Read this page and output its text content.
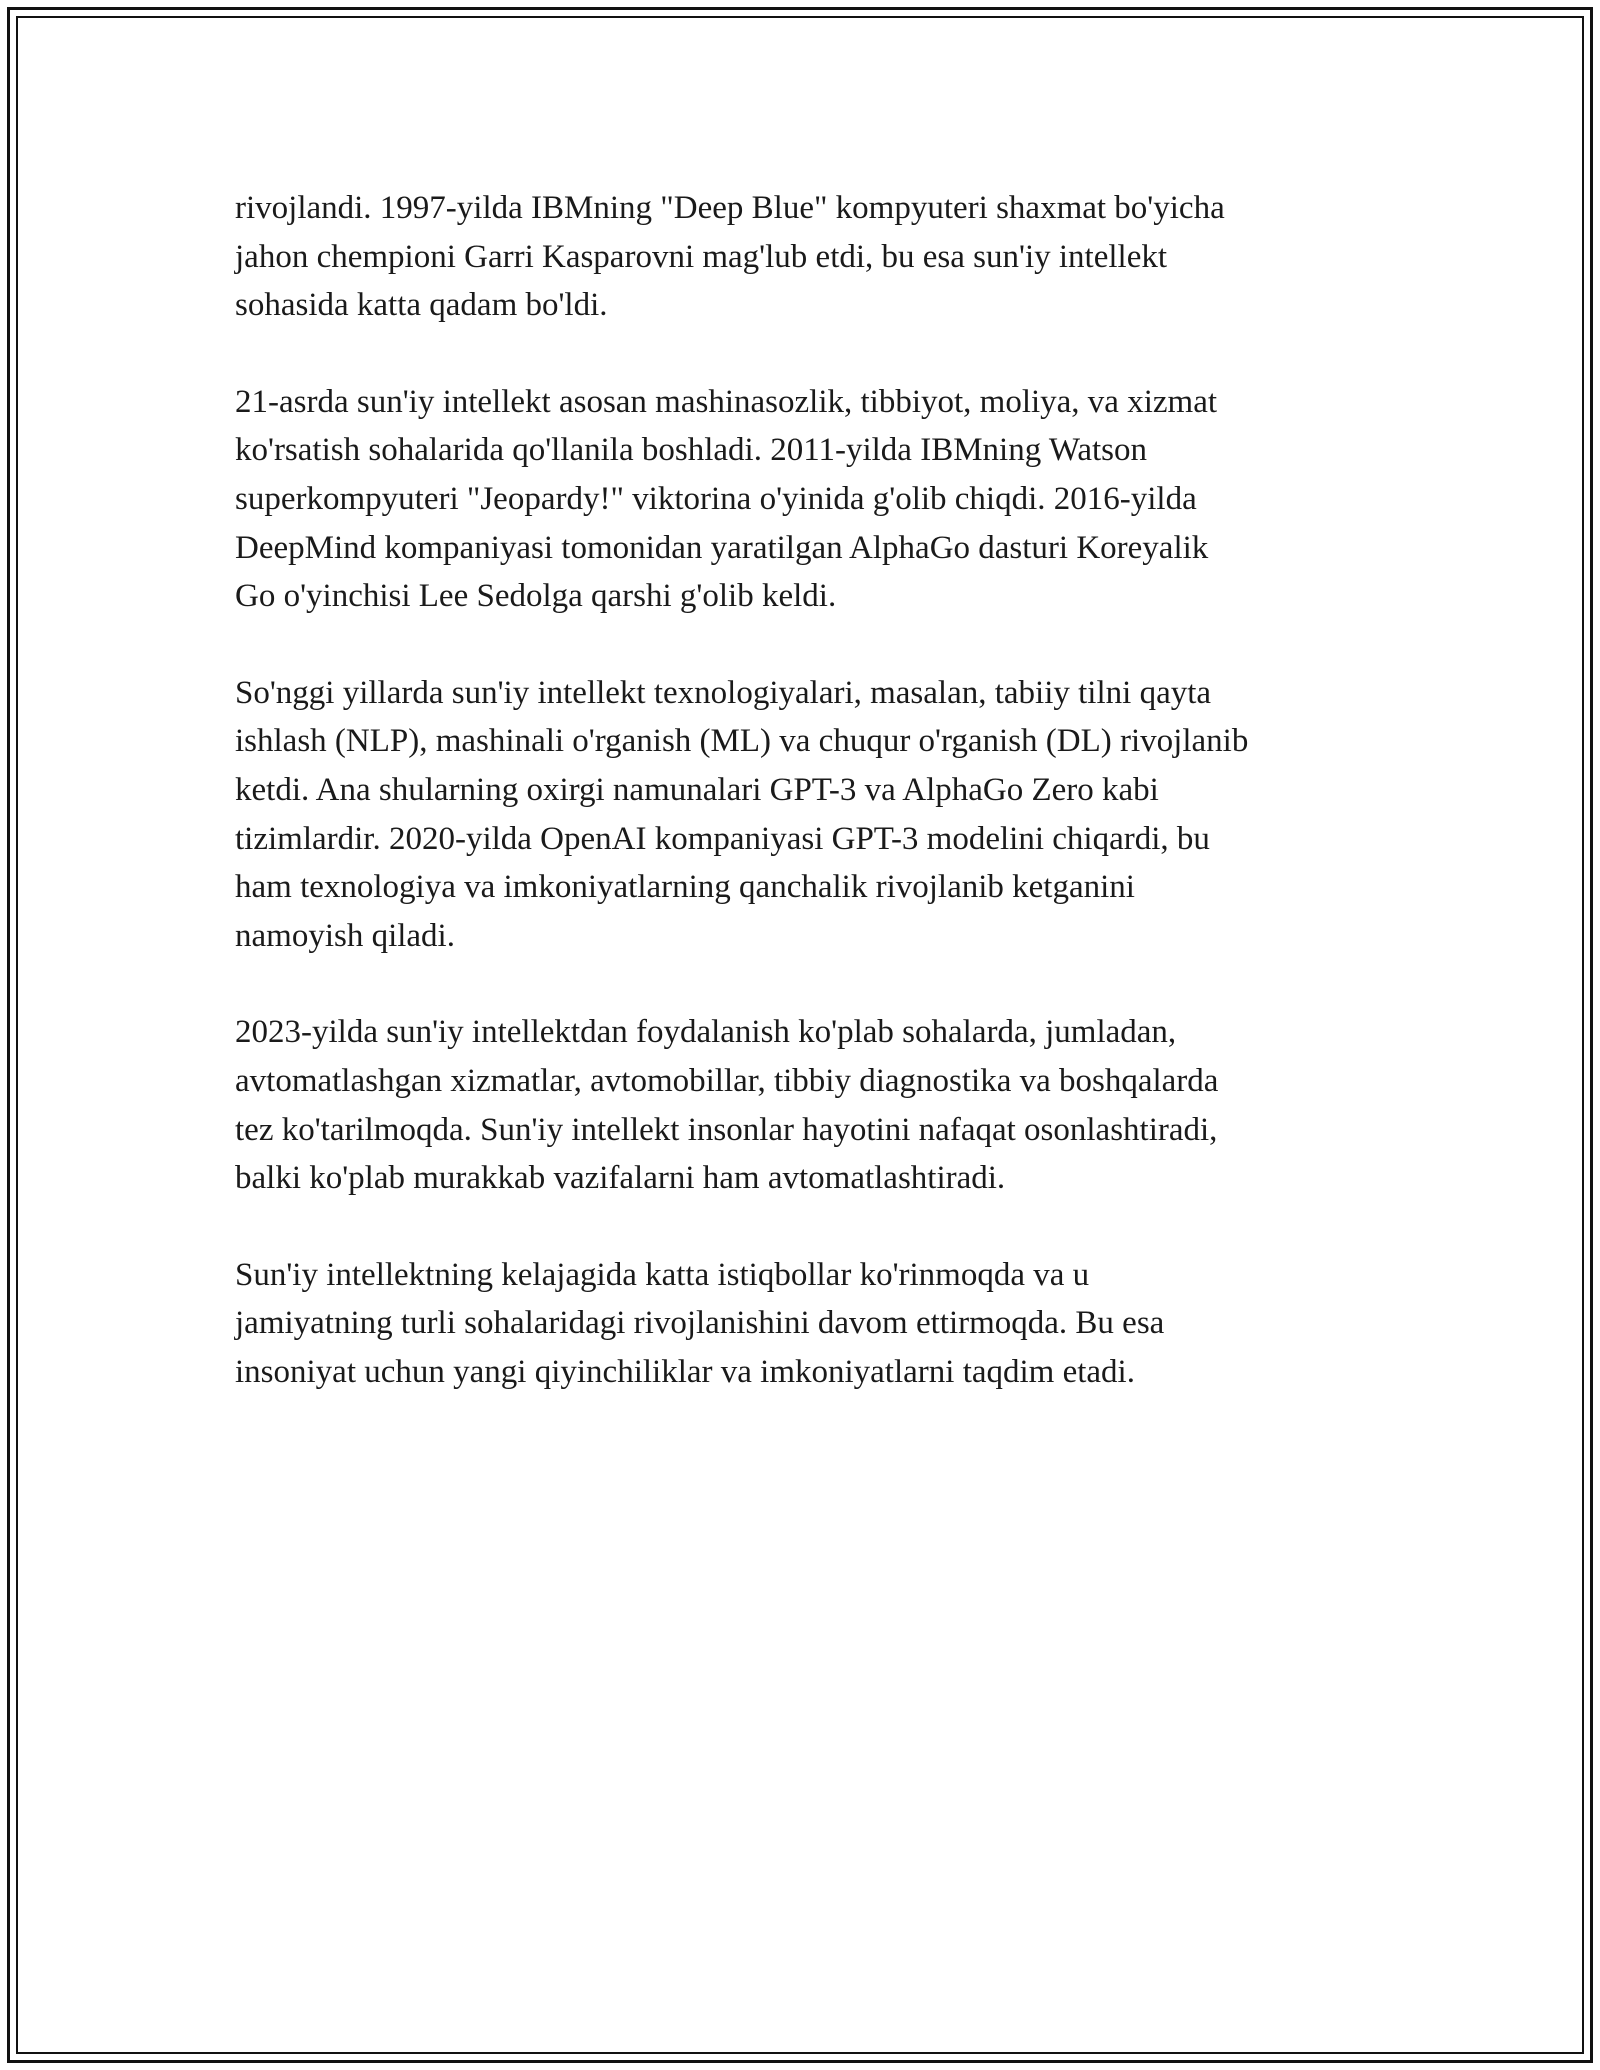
rivojlandi. 1997-yilda IBMning "Deep Blue" kompyuteri shaxmat bo'yicha
jahon chempioni Garri Kasparovni mag'lub etdi, bu esa sun'iy intellekt
sohasida katta qadam bo'ldi.

21-asrda sun'iy intellekt asosan mashinasozlik, tibbiyot, moliya, va xizmat
ko'rsatish sohalarida qo'llanila boshladi. 2011-yilda IBMning Watson
superkompyuteri "Jeopardy!" viktorina o'yinida g'olib chiqdi. 2016-yilda
DeepMind kompaniyasi tomonidan yaratilgan AlphaGo dasturi Koreyalik
Go o'yinchisi Lee Sedolga qarshi g'olib keldi.

So'nggi yillarda sun'iy intellekt texnologiyalari, masalan, tabiiy tilni qayta
ishlash (NLP), mashinali o'rganish (ML) va chuqur o'rganish (DL) rivojlanib
ketdi. Ana shularning oxirgi namunalari GPT-3 va AlphaGo Zero kabi
tizimlardir. 2020-yilda OpenAI kompaniyasi GPT-3 modelini chiqardi, bu
ham texnologiya va imkoniyatlarning qanchalik rivojlanib ketganini
namoyish qiladi.

2023-yilda sun'iy intellektdan foydalanish ko'plab sohalarda, jumladan,
avtomatlashgan xizmatlar, avtomobillar, tibbiy diagnostika va boshqalarda
tez ko'tarilmoqda. Sun'iy intellekt insonlar hayotini nafaqat osonlashtiradi,
balki ko'plab murakkab vazifalarni ham avtomatlashtiradi.

Sun'iy intellektning kelajagida katta istiqbollar ko'rinmoqda va u
jamiyatning turli sohalaridagi rivojlanishini davom ettirmoqda. Bu esa
insoniyat uchun yangi qiyinchiliklar va imkoniyatlarni taqdim etadi.
